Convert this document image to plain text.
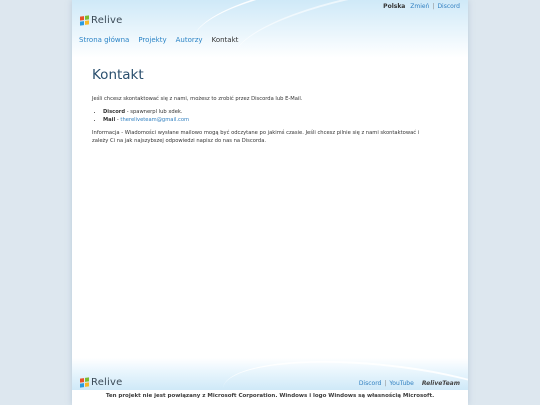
Relive
Polska Zmień | Discord
Strona główna Projekty Autorzy Kontakt
Kontakt

Jeśli chcesz skontaktować się z nami, możesz to zrobić przez Discorda lub E-Mail.

• Discord - spawnerpl lub xdek.
• Mail - thereliveteam@gmail.com

Informacja - Wiadomości wysłane mailowo mogą być odczytane po jakimś czasie. Jeśli chcesz pilnie się z nami skontaktować i zależy Ci na jak najszybszej odpowiedzi napisz do nas na Discorda.

Relive	Discord | YouTube ReliveTeam
Ten projekt nie jest powiązany z Microsoft Corporation. Windows i logo Windows są własnością Microsoft.
